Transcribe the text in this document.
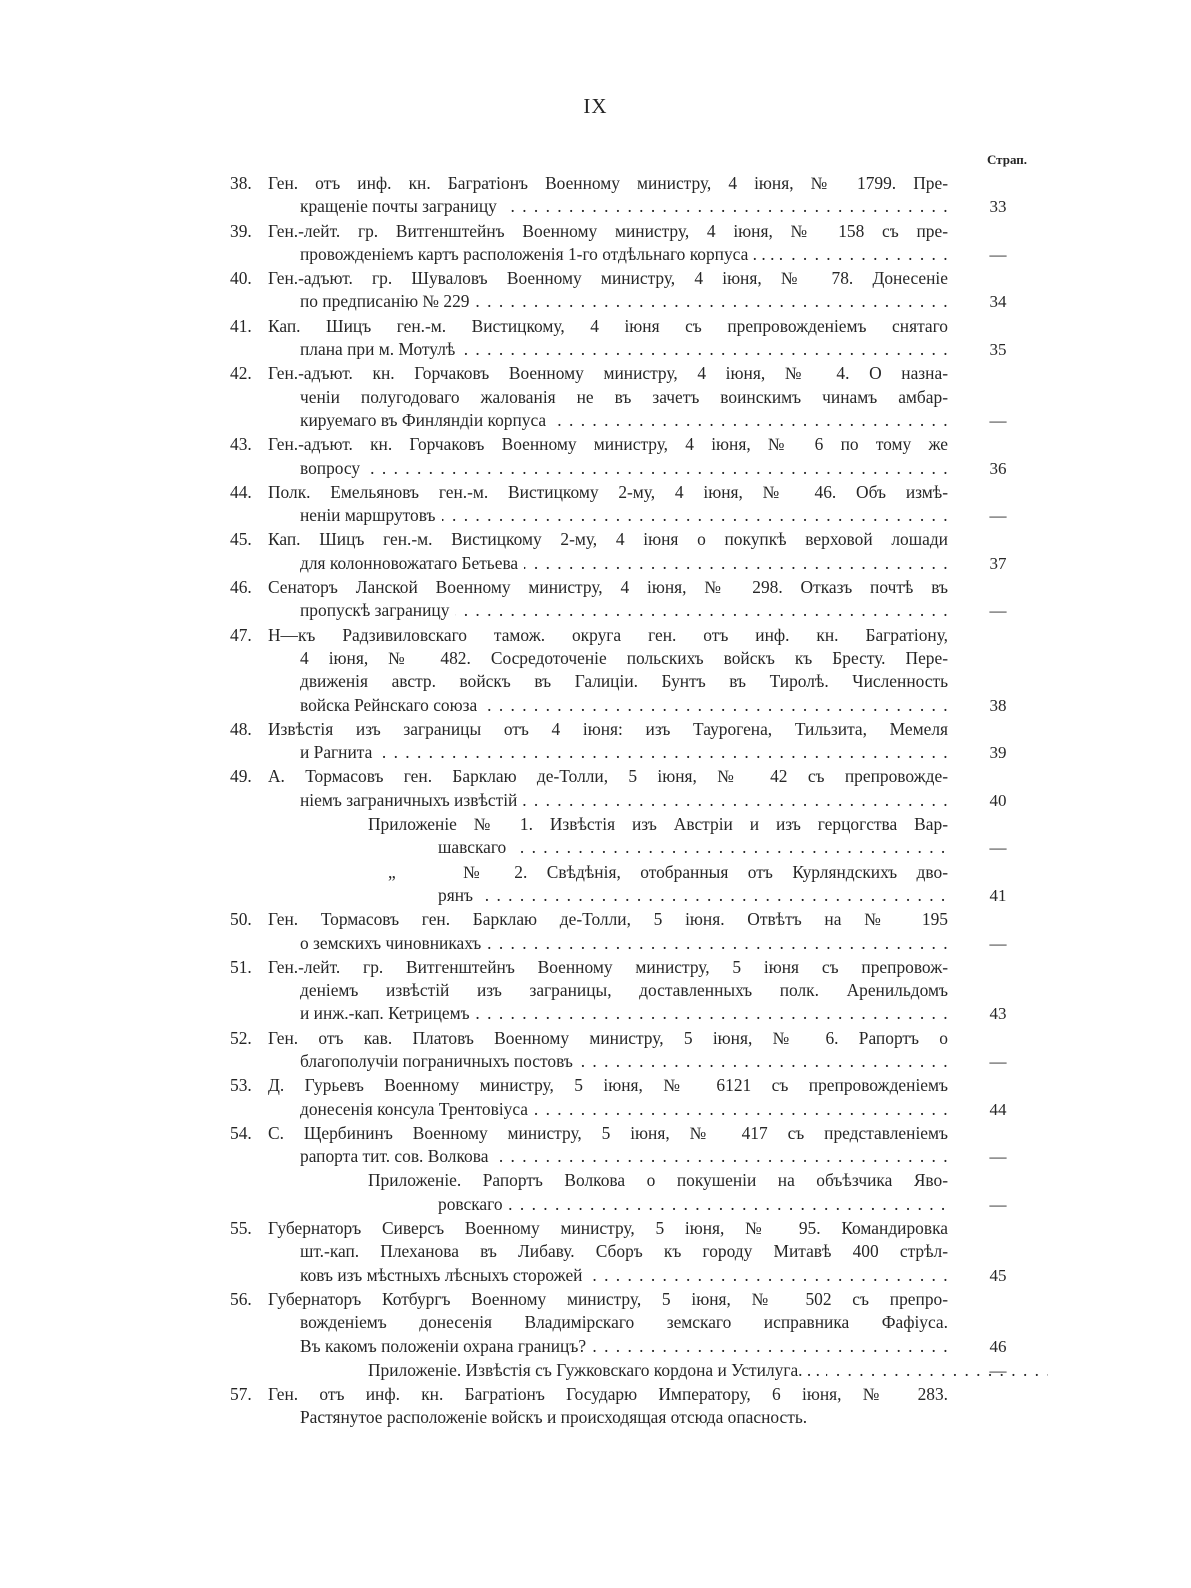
IX
Страп.
38. Ген. отъ инф. кн. Багратіонъ Военному министру, 4 іюня, № 1799. Пре-
кращеніе почты заграницу . . .	33
39. Ген.-лейт. гр. Витгенштейнъ Военному министру, 4 іюня, № 158 съ пре-
провожденіемъ картъ расположенія 1-го отдѣльнаго корпуса . . . . . . .	—
40. Ген.-адъют. гр. Шуваловъ Военному министру, 4 іюня, № 78. Донесеніе
по предписанію № 229 . . .	34
41. Кап. Шицъ ген.-м. Вистицкому, 4 іюня съ препровожденіемъ снятаго
плана при м. Мотулѣ . . .	35
42. Ген.-адъют. кн. Горчаковъ Военному министру, 4 іюня, № 4. О назна-
ченіи полугодоваго жалованія не въ зачетъ воинскимъ чинамъ амбар-
кируемаго въ Финляндіи корпуса . . .	—
43. Ген.-адъют. кн. Горчаковъ Военному министру, 4 іюня, № 6 по тому же
вопросу . . .	36
44. Полк. Емельяновъ ген.-м. Вистицкому 2-му, 4 іюня, № 46. Объ измѣ-
неніи маршрутовъ . . .	—
45. Кап. Шицъ ген.-м. Вистицкому 2-му, 4 іюня о покупкѣ верховой лошади
для колонновожатаго Бетьева . . .	37
46. Сенаторъ Ланской Военному министру, 4 іюня, № 298. Отказъ почтѣ въ
пропускѣ заграницу . . .	—
47. Н—къ Радзивиловскаго тамож. округа ген. отъ инф. кн. Багратіону,
4 іюня, № 482. Сосредоточеніе польскихъ войскъ къ Бресту. Пере-
движенія австр. войскъ въ Галиціи. Бунтъ въ Тиролѣ. Численность
войска Рейнскаго союза . . .	38
48. Извѣстія изъ заграницы отъ 4 іюня: изъ Таурогена, Тильзита, Мемеля
и Рагнита . . .	39
49. А. Тормасовъ ген. Барклаю де-Толли, 5 іюня, № 42 съ препровожде-
ніемъ заграничныхъ извѣстій . . .	40
Приложеніе № 1. Извѣстія изъ Австріи и изъ герцогства Вар-
шавскаго . . .	—
„	№ 2. Свѣдѣнія, отобранныя отъ Курляндскихъ дво-
рянъ . . .	41
50. Ген. Тормасовъ ген. Барклаю де-Толли, 5 іюня. Отвѣтъ на № 195
о земскихъ чиновникахъ . . .	—
51. Ген.-лейт. гр. Витгенштейнъ Военному министру, 5 іюня съ препровож-
деніемъ извѣстій изъ заграницы, доставленныхъ полк. Аренильдомъ
и инж.-кап. Кетрицемъ . . .	43
52. Ген. отъ кав. Платовъ Военному министру, 5 іюня, № 6. Рапортъ о
благополучіи пограничныхъ постовъ . . .	—
53. Д. Гурьевъ Военному министру, 5 іюня, № 6121 съ препровожденіемъ
донесенія консула Трентовіуса . . .	44
54. С. Щербининъ Военному министру, 5 іюня, № 417 съ представленіемъ
рапорта тит. сов. Волкова . . .	—
Приложеніе. Рапортъ Волкова о покушеніи на объѣзчика Яво-
ровскаго . . .	—
55. Губернаторъ Сиверсъ Военному министру, 5 іюня, № 95. Командировка
шт.-кап. Плеханова въ Либаву. Сборъ къ городу Митавѣ 400 стрѣл-
ковъ изъ мѣстныхъ лѣсныхъ сторожей . . .	45
56. Губернаторъ Котбургъ Военному министру, 5 іюня, № 502 съ препро-
вожденіемъ донесенія Владимірскаго земскаго исправника Фафіуса.
Въ какомъ положеніи охрана границъ? . . .	46
Приложеніе. Извѣстія съ Гужковскаго кордона и Устилуга. . . . . .	—
57. Ген. отъ инф. кн. Багратіонъ Государю Императору, 6 іюня, № 283.
Растянутое расположеніе войскъ и происходящая отсюда опасность.
